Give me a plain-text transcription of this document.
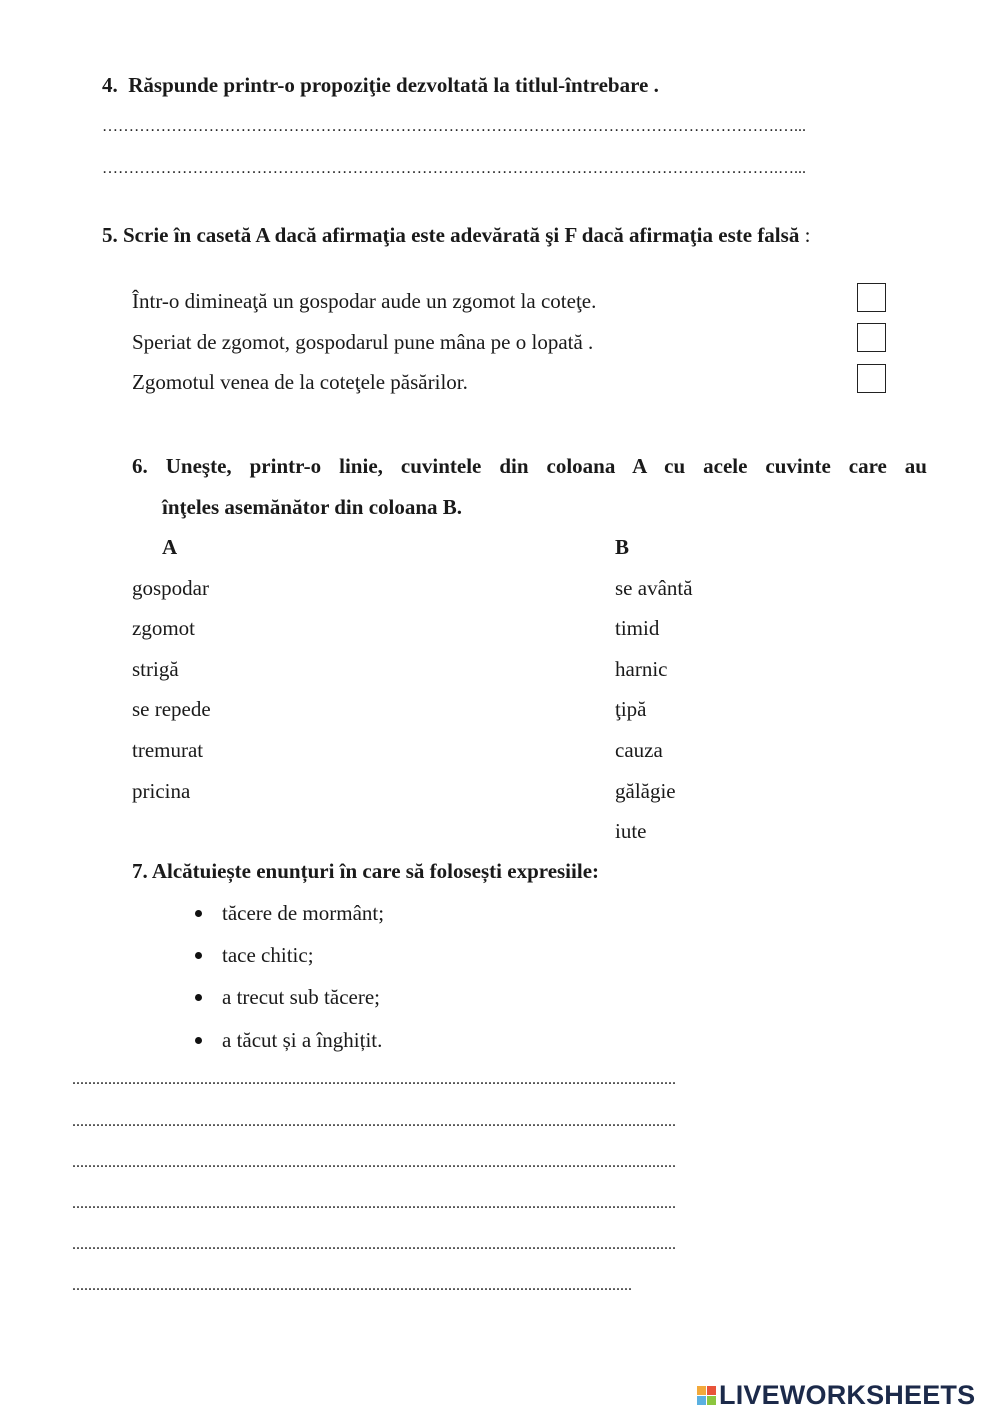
4. Răspunde printr-o propoziţie dezvoltată la titlul-întrebare .
……………………………………………………………………………………………………………….…...
……………………………………………………………………………………………………………….…...
5. Scrie în casetă A dacă afirmaţia este adevărată şi F dacă afirmaţia este falsă :
Într-o dimineaţă un gospodar aude un zgomot la coteţe.
Speriat de zgomot, gospodarul pune mâna pe o lopată .
Zgomotul venea de la coteţele păsărilor.
6. Uneşte, printr-o linie, cuvintele din coloana A cu acele cuvinte care au
înţeles asemănător din coloana B.
A	B
gospodar
zgomot
strigă
se repede
tremurat
pricina
se avântă
timid
harnic
ţipă
cauza
gălăgie
iute
7. Alcătuiește enunțuri în care să folosești expresiile:
tăcere de mormânt;
tace chitic;
a trecut sub tăcere;
a tăcut și a înghițit.
.......................................................................................................................................................
.......................................................................................................................................................
.......................................................................................................................................................
.......................................................................................................................................................
.......................................................................................................................................................
............................................................................................................................................
LIVEWORKSHEETS
